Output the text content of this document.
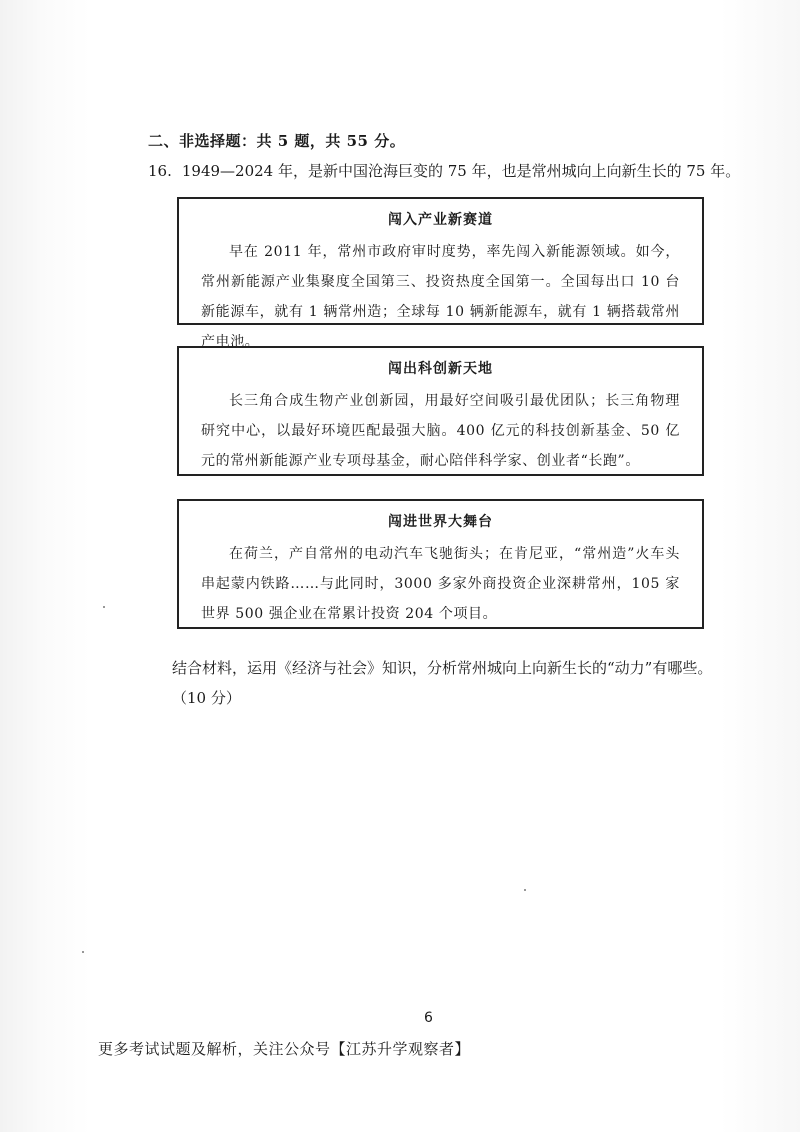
二、非选择题：共 5 题，共 55 分。
16. 1949—2024 年，是新中国沧海巨变的 75 年，也是常州城向上向新生长的 75 年。
闯入产业新赛道
早在 2011 年，常州市政府审时度势，率先闯入新能源领域。如今，常州新能源产业集聚度全国第三、投资热度全国第一。全国每出口 10 台新能源车，就有 1 辆常州造；全球每 10 辆新能源车，就有 1 辆搭载常州产电池。
闯出科创新天地
长三角合成生物产业创新园，用最好空间吸引最优团队；长三角物理研究中心，以最好环境匹配最强大脑。400 亿元的科技创新基金、50 亿元的常州新能源产业专项母基金，耐心陪伴科学家、创业者“长跑”。
闯进世界大舞台
在荷兰，产自常州的电动汽车飞驰街头；在肯尼亚，“常州造”火车头串起蒙内铁路……与此同时，3000 多家外商投资企业深耕常州，105 家世界 500 强企业在常累计投资 204 个项目。
结合材料，运用《经济与社会》知识，分析常州城向上向新生长的“动力”有哪些。
（10 分）
6
更多考试试题及解析，关注公众号【江苏升学观察者】
